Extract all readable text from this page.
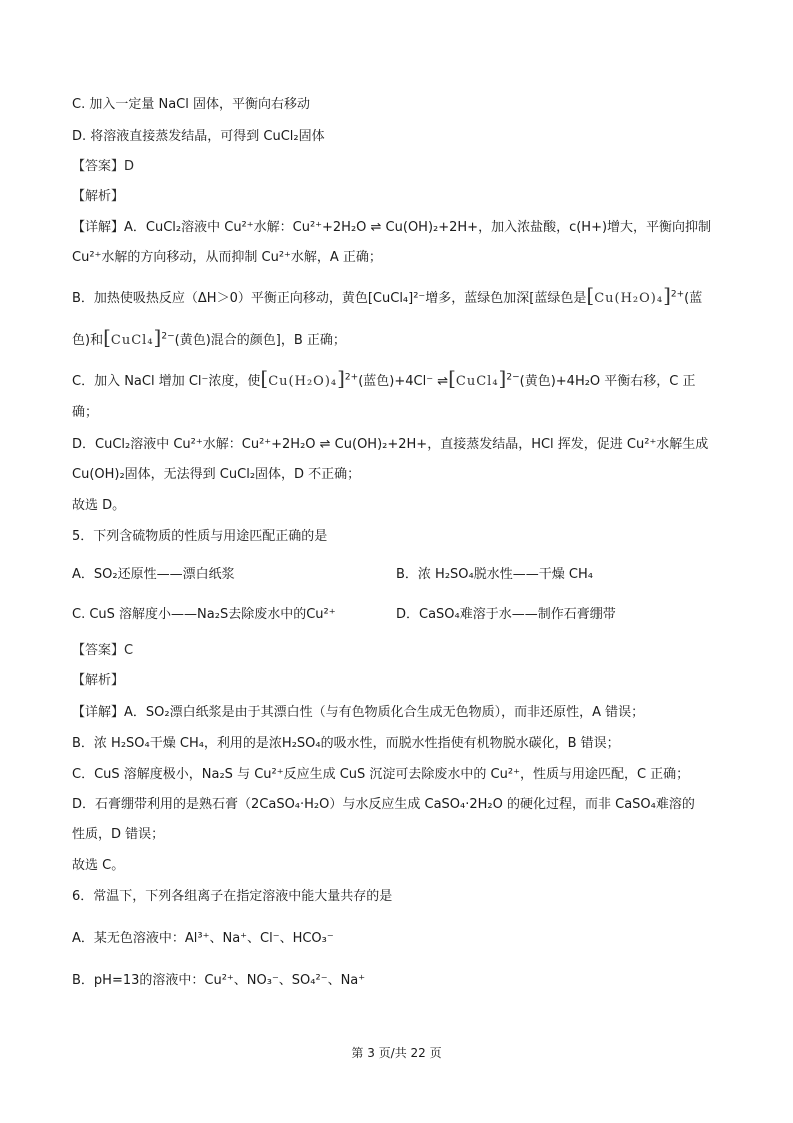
C. 加入一定量 NaCl 固体，平衡向右移动
D. 将溶液直接蒸发结晶，可得到 CuCl₂固体
【答案】D
【解析】
【详解】A．CuCl₂溶液中 Cu²⁺水解：Cu²⁺+2H₂O ⇌ Cu(OH)₂+2H+，加入浓盐酸，c(H+)增大，平衡向抑制
Cu²⁺水解的方向移动，从而抑制 Cu²⁺水解，A 正确；
B．加热使吸热反应（ΔH＞0）平衡正向移动，黄色[CuCl₄]²⁻增多，蓝绿色加深[蓝绿色是$[Cu(H_2O)_4]^{2+}$(蓝
色)和[CuCl₄]$^{2-}$(黄色)混合的颜色]，B 正确；
C．加入 NaCl 增加 Cl⁻浓度，使$[Cu(H_2O)_4]^{2+}$(蓝色)+4Cl⁻ ⇌[CuCl₄]$^{2-}$(黄色)+4H₂O 平衡右移，C 正
确；
D．CuCl₂溶液中 Cu²⁺水解：Cu²⁺+2H₂O ⇌ Cu(OH)₂+2H+，直接蒸发结晶，HCl 挥发，促进 Cu²⁺水解生成
Cu(OH)₂固体，无法得到 CuCl₂固体，D 不正确；
故选 D。
5．下列含硫物质的性质与用途匹配正确的是
A．SO₂还原性——漂白纸浆	B．浓 H₂SO₄脱水性——干燥 CH₄
C. CuS 溶解度小——Na₂S去除废水中的Cu²⁺	D．CaSO₄难溶于水——制作石膏绷带
【答案】C
【解析】
【详解】A．SO₂漂白纸浆是由于其漂白性（与有色物质化合生成无色物质），而非还原性，A 错误；
B．浓 H₂SO₄干燥 CH₄，利用的是浓H₂SO₄的吸水性，而脱水性指使有机物脱水碳化，B 错误；
C．CuS 溶解度极小，Na₂S 与 Cu²⁺反应生成 CuS 沉淀可去除废水中的 Cu²⁺，性质与用途匹配，C 正确；
D．石膏绷带利用的是熟石膏（2CaSO₄·H₂O）与水反应生成 CaSO₄·2H₂O 的硬化过程，而非 CaSO₄难溶的
性质，D 错误；
故选 C。
6．常温下，下列各组离子在指定溶液中能大量共存的是
A．某无色溶液中：Al³⁺、Na⁺、Cl⁻、HCO₃⁻
B．pH=13的溶液中：Cu²⁺、NO₃⁻、SO₄²⁻、Na⁺
第 3 页/共 22 页
